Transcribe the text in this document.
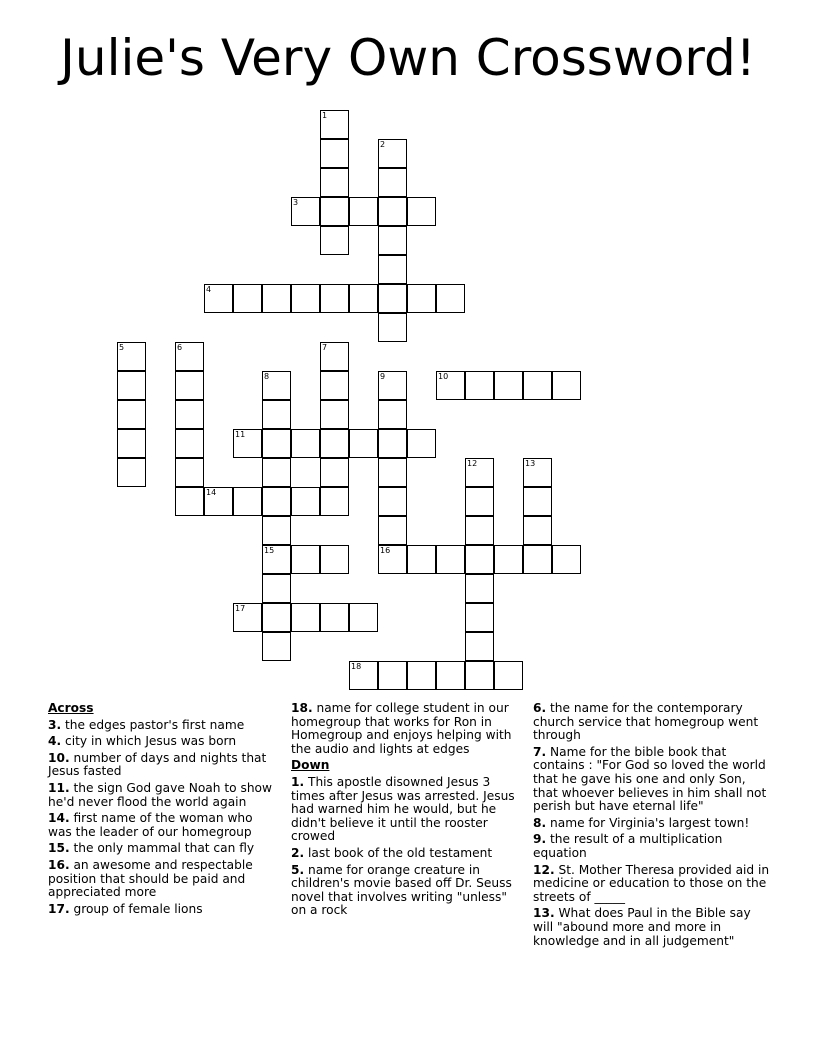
Julie's Very Own Crossword!
1
2
3
4
5	6	7
8
15
9
16
10
11
12	13
14
17
18

Across

3. the edges pastor's first name

4. city in which Jesus was born

10. number of days and nights that Jesus fasted

11. the sign God gave Noah to show he'd never flood the world again

14. first name of the woman who was the leader of our homegroup

15. the only mammal that can fly

16. an awesome and respectable position that should be paid and appreciated more

17. group of female lions

18. name for college student in our homegroup that works for Ron in Homegroup and enjoys helping with the audio and lights at edges

Down

1. This apostle disowned Jesus 3 times after Jesus was arrested. Jesus had warned him he would, but he didn't believe it until the rooster crowed

2. last book of the old testament

5. name for orange creature in children's movie based off Dr. Seuss novel that involves writing "unless" on a rock

6. the name for the contemporary church service that homegroup went through

7. Name for the bible book that contains : "For God so loved the world that he gave his one and only Son, that whoever believes in him shall not perish but have eternal life"

8. name for Virginia's largest town!

9. the result of a multiplication equation

12. St. Mother Theresa provided aid in medicine or education to those on the streets of _____

13. What does Paul in the Bible say will "abound more and more in knowledge and in all judgement"
